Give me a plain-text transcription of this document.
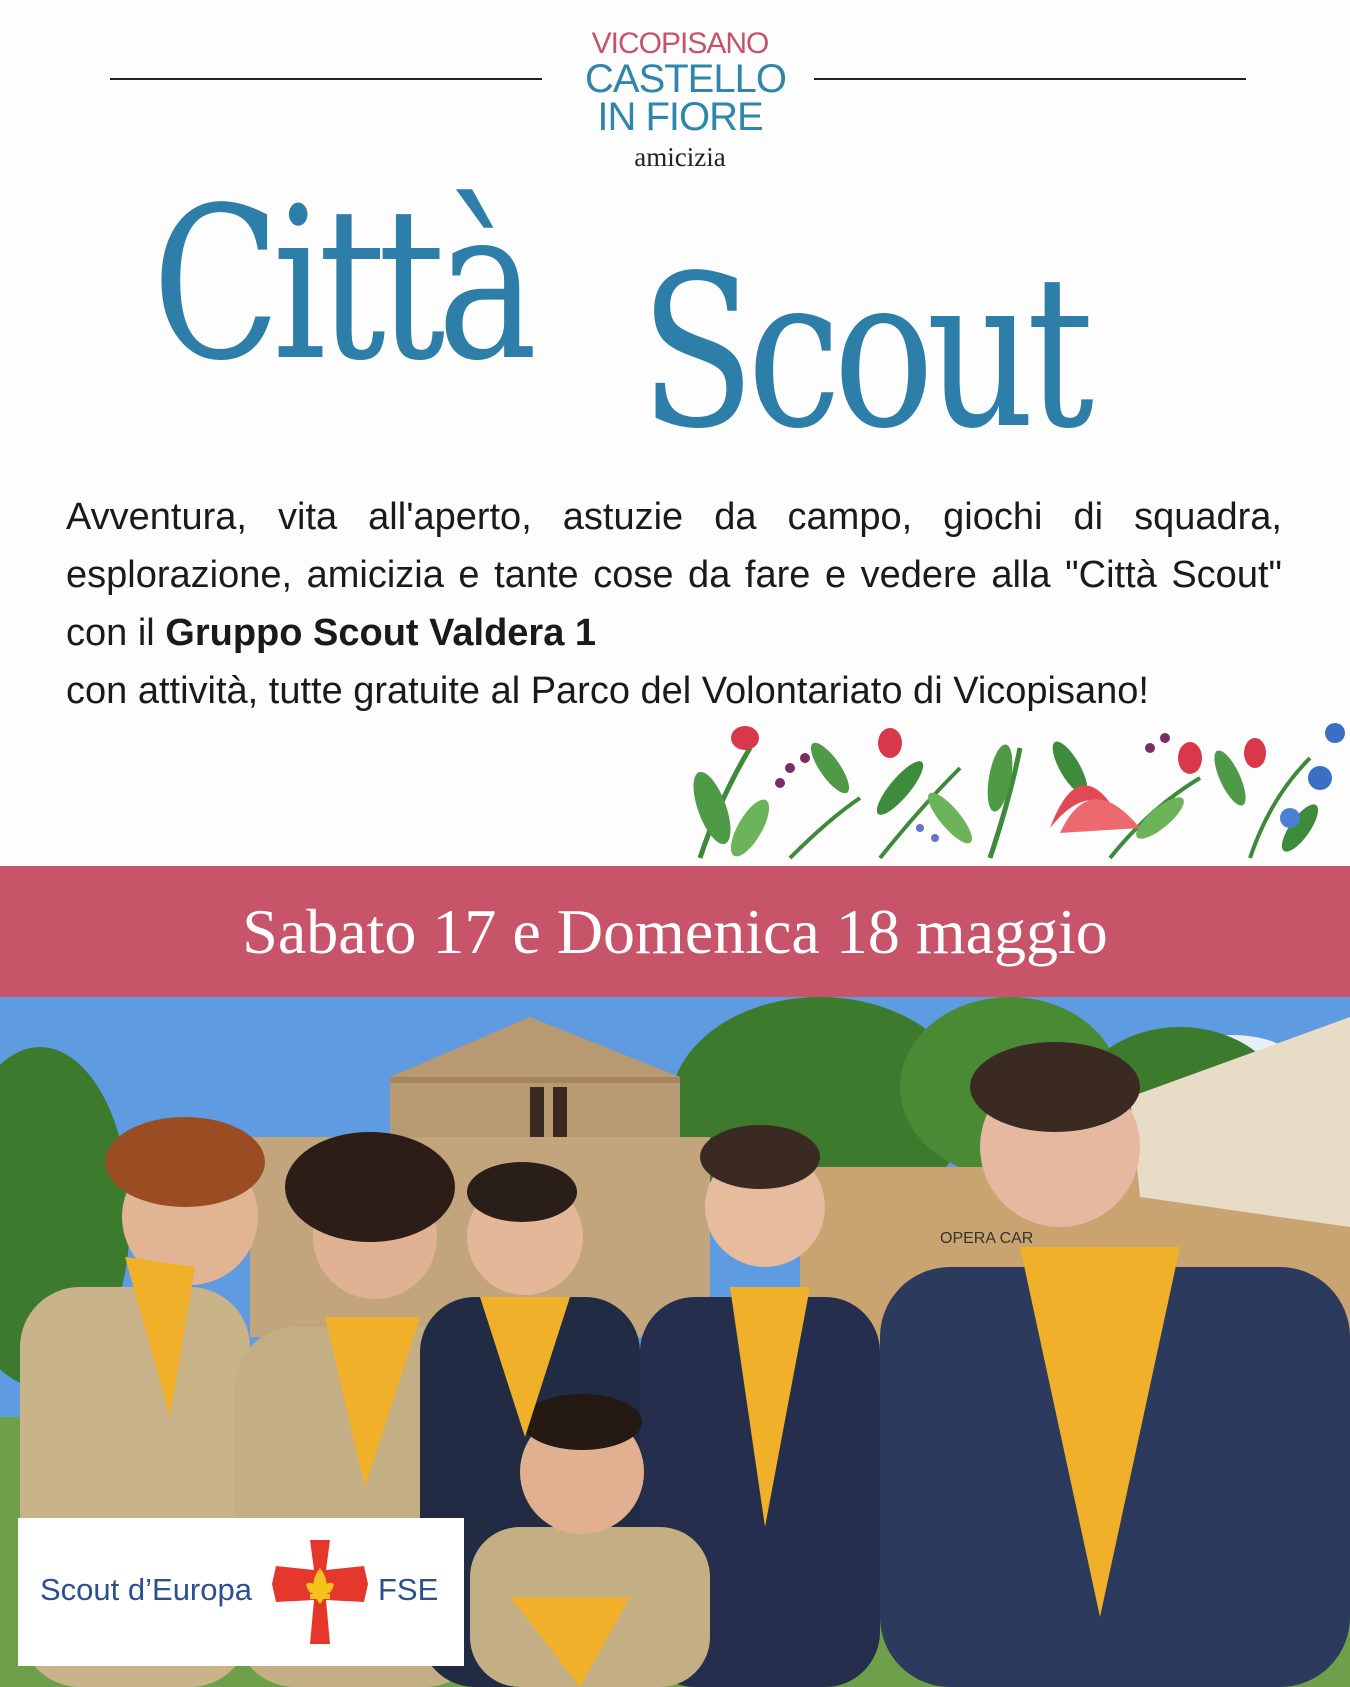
VICOPISANO
CASTELLO
IN FIORE
amicizia
Città Scout

Avventura, vita all'aperto, astuzie da campo, giochi di squadra, esplorazione, amicizia e tante cose da fare e vedere alla "Città Scout" con il Gruppo Scout Valdera 1

con attività, tutte gratuite al Parco del Volontariato di Vicopisano!

Sabato 17 e Domenica 18 maggio
OPERA CAR
Scout d’Europa	FSE
